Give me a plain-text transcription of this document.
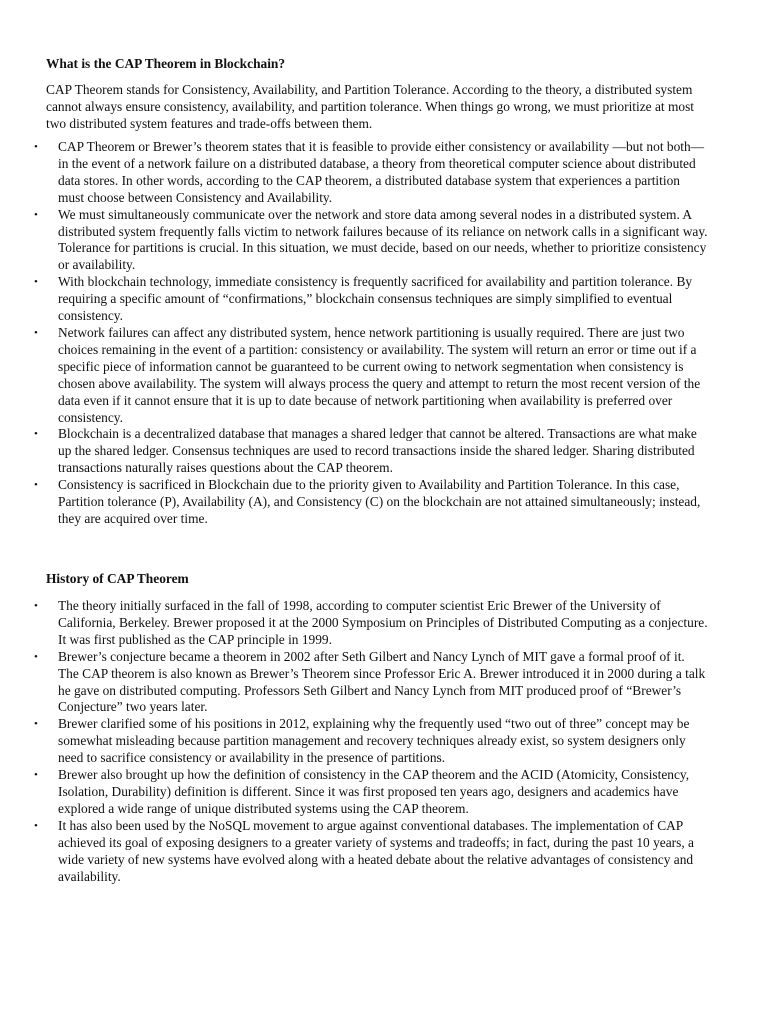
What is the CAP Theorem in Blockchain?

CAP Theorem stands for Consistency, Availability, and Partition Tolerance. According to the theory, a distributed system cannot always ensure consistency, availability, and partition tolerance. When things go wrong, we must prioritize at most two distributed system features and trade-offs between them.

• CAP Theorem or Brewer’s theorem states that it is feasible to provide either consistency or availability —but not both—in the event of a network failure on a distributed database, a theory from theoretical computer science about distributed data stores. In other words, according to the CAP theorem, a distributed database system that experiences a partition must choose between Consistency and Availability.
• We must simultaneously communicate over the network and store data among several nodes in a distributed system. A distributed system frequently falls victim to network failures because of its reliance on network calls in a significant way. Tolerance for partitions is crucial. In this situation, we must decide, based on our needs, whether to prioritize consistency or availability.
• With blockchain technology, immediate consistency is frequently sacrificed for availability and partition tolerance. By requiring a specific amount of “confirmations,” blockchain consensus techniques are simply simplified to eventual consistency.
• Network failures can affect any distributed system, hence network partitioning is usually required. There are just two choices remaining in the event of a partition: consistency or availability. The system will return an error or time out if a specific piece of information cannot be guaranteed to be current owing to network segmentation when consistency is chosen above availability. The system will always process the query and attempt to return the most recent version of the data even if it cannot ensure that it is up to date because of network partitioning when availability is preferred over consistency.
• Blockchain is a decentralized database that manages a shared ledger that cannot be altered. Transactions are what make up the shared ledger. Consensus techniques are used to record transactions inside the shared ledger. Sharing distributed transactions naturally raises questions about the CAP theorem.
• Consistency is sacrificed in Blockchain due to the priority given to Availability and Partition Tolerance. In this case, Partition tolerance (P), Availability (A), and Consistency (C) on the blockchain are not attained simultaneously; instead, they are acquired over time.
History of CAP Theorem
• The theory initially surfaced in the fall of 1998, according to computer scientist Eric Brewer of the University of California, Berkeley. Brewer proposed it at the 2000 Symposium on Principles of Distributed Computing as a conjecture. It was first published as the CAP principle in 1999.
• Brewer’s conjecture became a theorem in 2002 after Seth Gilbert and Nancy Lynch of MIT gave a formal proof of it. The CAP theorem is also known as Brewer’s Theorem since Professor Eric A. Brewer introduced it in 2000 during a talk he gave on distributed computing. Professors Seth Gilbert and Nancy Lynch from MIT produced proof of “Brewer’s Conjecture” two years later.
• Brewer clarified some of his positions in 2012, explaining why the frequently used “two out of three” concept may be somewhat misleading because partition management and recovery techniques already exist, so system designers only need to sacrifice consistency or availability in the presence of partitions.
• Brewer also brought up how the definition of consistency in the CAP theorem and the ACID (Atomicity, Consistency, Isolation, Durability) definition is different. Since it was first proposed ten years ago, designers and academics have explored a wide range of unique distributed systems using the CAP theorem.
• It has also been used by the NoSQL movement to argue against conventional databases. The implementation of CAP achieved its goal of exposing designers to a greater variety of systems and tradeoffs; in fact, during the past 10 years, a wide variety of new systems have evolved along with a heated debate about the relative advantages of consistency and availability.
